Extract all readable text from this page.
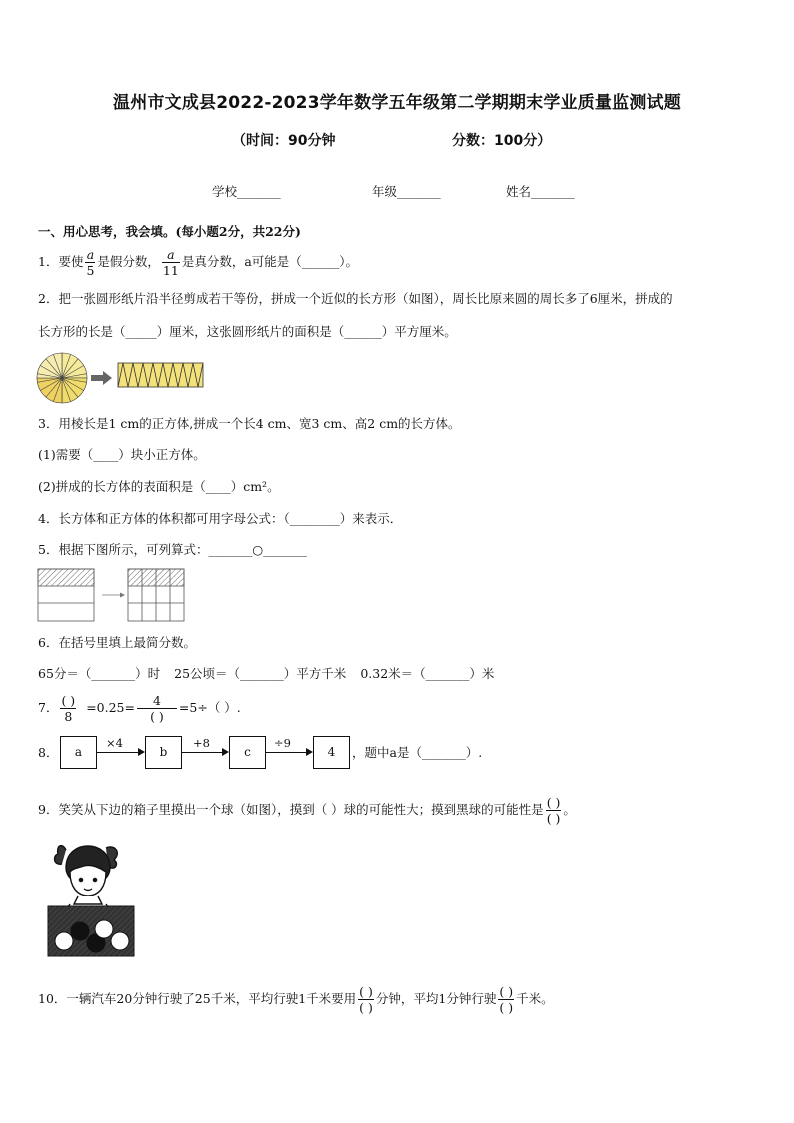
温州市文成县2022-2023学年数学五年级第二学期期末学业质量监测试题
（时间：90分钟	分数：100分）
学校_______	年级_______	姓名_______
一、用心思考，我会填。(每小题2分，共22分)
1．要使 $\frac{a}{5}$ 是假分数， $\frac{a}{11}$ 是真分数，a可能是（______）。
2．把一张圆形纸片沿半径剪成若干等份，拼成一个近似的长方形（如图），周长比原来圆的周长多了6厘米，拼成的
长方形的长是（_____）厘米，这张圆形纸片的面积是（______）平方厘米。
3．用棱长是1 cm的正方体,拼成一个长4 cm、宽3 cm、高2 cm的长方体。
(1)需要（____）块小正方体。
(2)拼成的长方体的表面积是（____）cm²。
4．长方体和正方体的体积都可用字母公式：（________）来表示．
5．根据下图所示，可列算式：_______○_______
6．在括号里填上最简分数。
65分＝（_______）时 25公顷＝（_______）平方千米 0.32米＝（_______）米
7． $\frac{( )}{8} =0.25= \frac{4}{( )} =5\div$（ ）.
8．	a
×4
b
+8
c
÷9
4	，题中a是（_______）.
9．笑笑从下边的箱子里摸出一个球（如图），摸到（ ）球的可能性大；摸到黑球的可能性是 $\frac{( )}{( )}$ 。
10．一辆汽车20分钟行驶了25千米，平均行驶1千米要用 $\frac{( )}{( )}$ 分钟，平均1分钟行驶 $\frac{( )}{( )}$ 千米。
